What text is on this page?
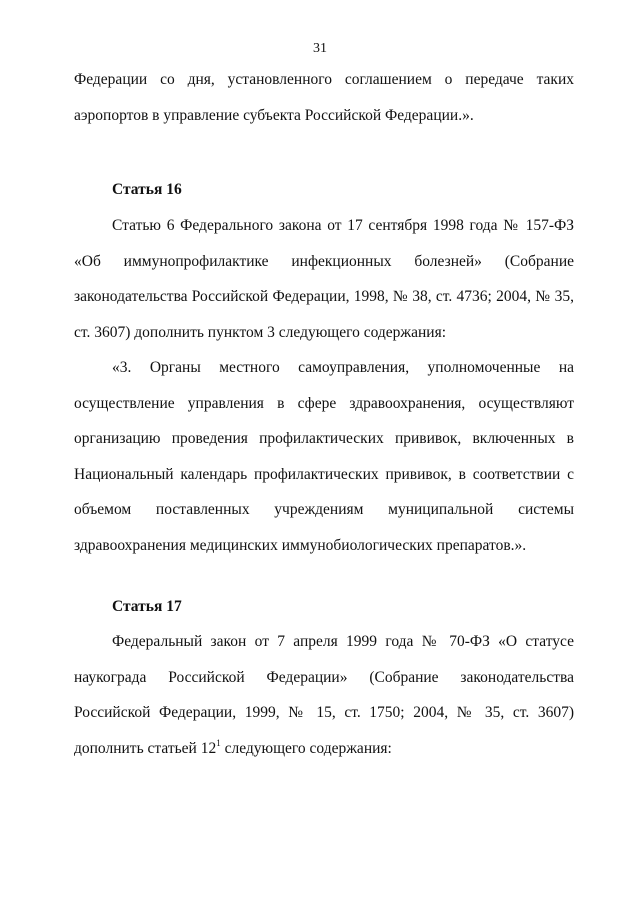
31

Федерации со дня, установленного соглашением о передаче таких аэропортов в управление субъекта Российской Федерации.».

Статья 16

Статью 6 Федерального закона от 17 сентября 1998 года № 157-ФЗ «Об иммунопрофилактике инфекционных болезней» (Собрание законодательства Российской Федерации, 1998, № 38, ст. 4736; 2004, № 35, ст. 3607) дополнить пунктом 3 следующего содержания:

«3. Органы местного самоуправления, уполномоченные на осуществление управления в сфере здравоохранения, осуществляют организацию проведения профилактических прививок, включенных в Национальный календарь профилактических прививок, в соответствии с объемом поставленных учреждениям муниципальной системы здравоохранения медицинских иммунобиологических препаратов.».

Статья 17

Федеральный закон от 7 апреля 1999 года № 70-ФЗ «О статусе наукограда Российской Федерации» (Собрание законодательства Российской Федерации, 1999, № 15, ст. 1750; 2004, № 35, ст. 3607) дополнить статьей $12^1$ следующего содержания:
